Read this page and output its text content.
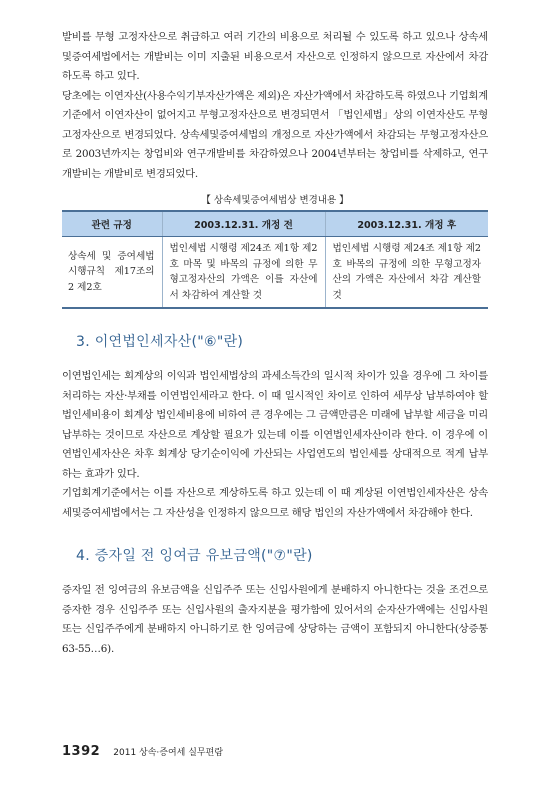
발비를 무형 고정자산으로 취급하고 여러 기간의 비용으로 처리될 수 있도록 하고 있으나 상속세및증여세법에서는 개발비는 이미 지출된 비용으로서 자산으로 인정하지 않으므로 자산에서 차감하도록 하고 있다.

당초에는 이연자산(사용수익기부자산가액은 제외)은 자산가액에서 차감하도록 하였으나 기업회계기준에서 이연자산이 없어지고 무형고정자산으로 변경되면서 「법인세법」상의 이연자산도 무형고정자산으로 변경되었다. 상속세및증여세법의 개정으로 자산가액에서 차감되는 무형고정자산으로 2003년까지는 창업비와 연구개발비를 차감하였으나 2004년부터는 창업비를 삭제하고, 연구개발비는 개발비로 변경되었다.

【 상속세및증여세법상 변경내용 】
관련 규정	2003.12.31. 개정 전	2003.12.31. 개정 후
상속세 및 증여세법 시행규칙 제17조의 2 제2호	법인세법 시행령 제24조 제1항 제2호 마목 및 바목의 규정에 의한 무형고정자산의 가액은 이를 자산에서 차감하여 계산할 것	법인세법 시행령 제24조 제1항 제2호 바목의 규정에 의한 무형고정자산의 가액은 자산에서 차감 계산할 것
3. 이연법인세자산("⑥"란)

이연법인세는 회계상의 이익과 법인세법상의 과세소득간의 일시적 차이가 있을 경우에 그 차이를 처리하는 자산·부채를 이연법인세라고 한다. 이 때 일시적인 차이로 인하여 세무상 납부하여야 할 법인세비용이 회계상 법인세비용에 비하여 큰 경우에는 그 금액만큼은 미래에 납부할 세금을 미리 납부하는 것이므로 자산으로 계상할 필요가 있는데 이를 이연법인세자산이라 한다. 이 경우에 이연법인세자산은 차후 회계상 당기순이익에 가산되는 사업연도의 법인세를 상대적으로 적게 납부하는 효과가 있다.

기업회계기준에서는 이를 자산으로 계상하도록 하고 있는데 이 때 계상된 이연법인세자산은 상속세및증여세법에서는 그 자산성을 인정하지 않으므로 해당 법인의 자산가액에서 차감해야 한다.

4. 증자일 전 잉여금 유보금액("⑦"란)

증자일 전 잉여금의 유보금액을 신입주주 또는 신입사원에게 분배하지 아니한다는 것을 조건으로 증자한 경우 신입주주 또는 신입사원의 출자지분을 평가함에 있어서의 순자산가액에는 신입사원 또는 신입주주에게 분배하지 아니하기로 한 잉여금에 상당하는 금액이 포함되지 아니한다(상증통 63-55…6).

1392 2011 상속·증여세 실무편람
